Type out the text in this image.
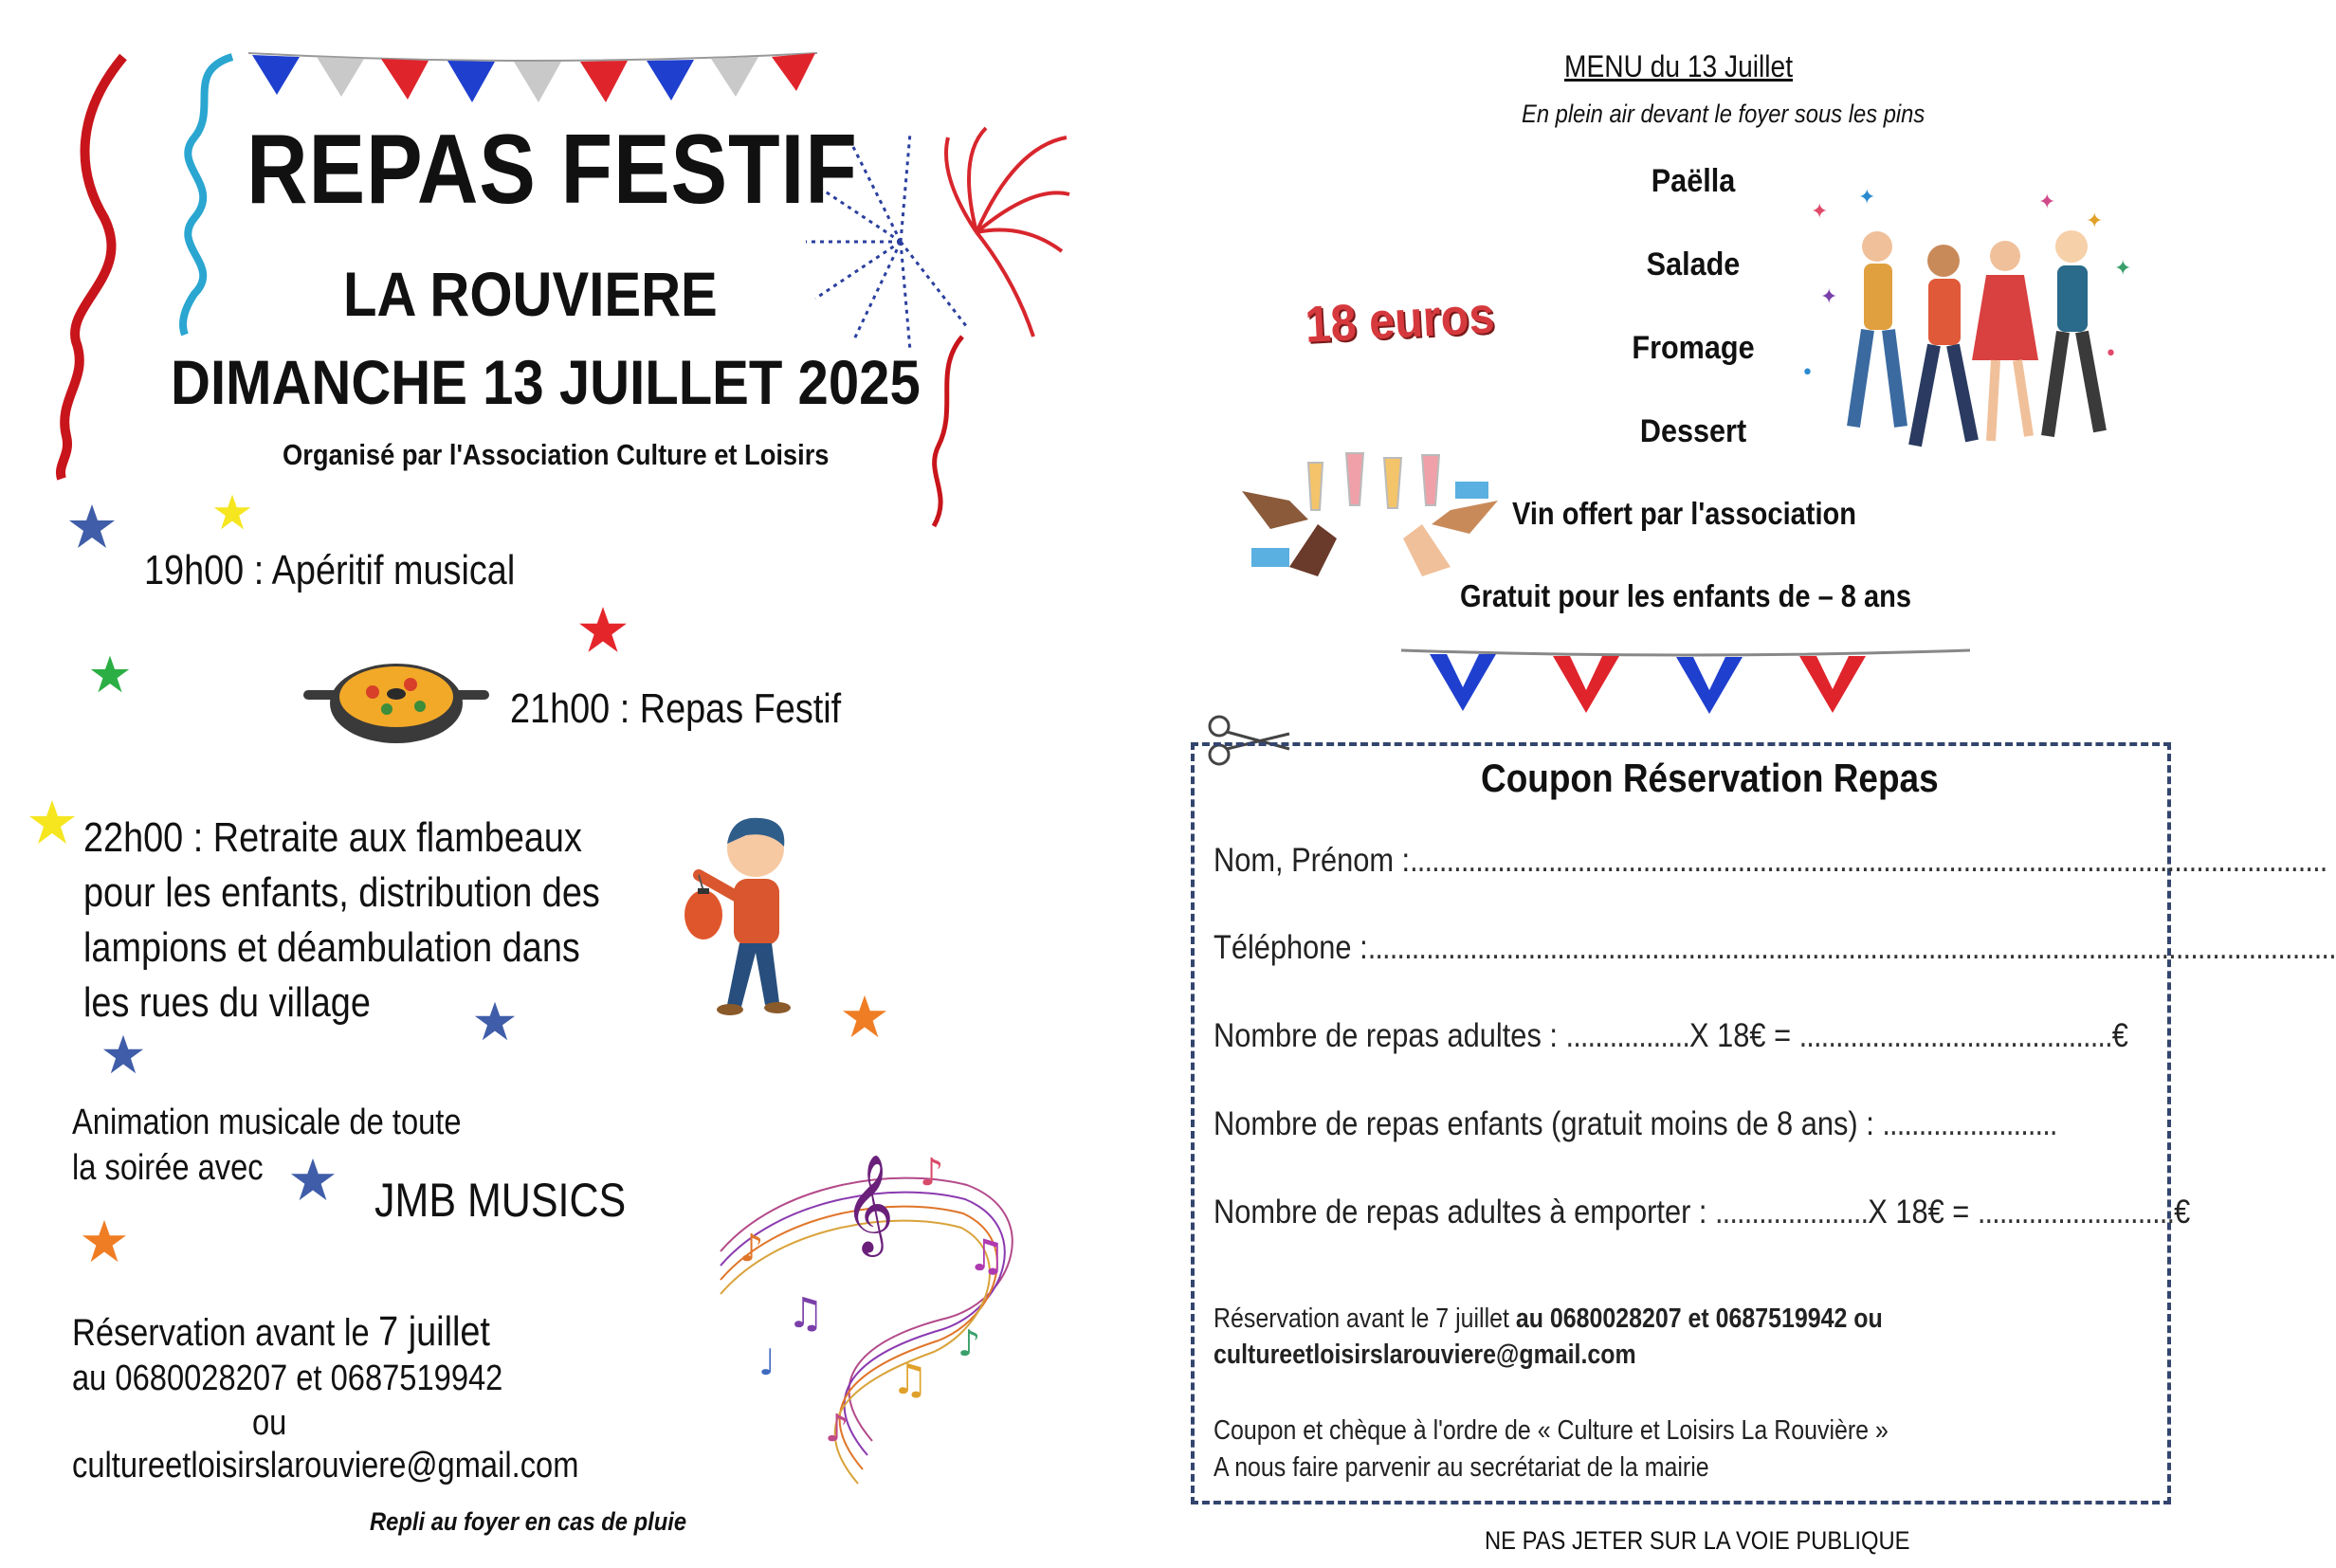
REPAS FESTIF
LA ROUVIERE
DIMANCHE 13 JUILLET 2025
Organisé par l'Association Culture et Loisirs
19h00 : Apéritif musical
21h00 : Repas Festif
22h00 : Retraite aux flambeaux
pour les enfants, distribution des
lampions et déambulation dans
les rues du village
Animation musicale de toute
la soirée avec
JMB MUSICS	𝄞
♪
♫
♪
♫
♫
♪
♩	♪
Réservation avant le 7 juillet
au 0680028207 et 0687519942
ou
cultureetloisirslarouviere@gmail.com
Repli au foyer en cas de pluie
MENU du 13 Juillet
En plein air devant le foyer sous les pins
Paëlla
Salade
Fromage
Dessert
18 euros
✦
✦
✦
✦
✦
✦
•
•
Vin offert par l'association
Gratuit pour les enfants de – 8 ans
Coupon Réservation Repas
Nom, Prénom :..............................................................................................................................
Téléphone :.....................................................................................................................................
Nombre de repas adultes : .................X 18€ = ...........................................€
Nombre de repas enfants (gratuit moins de 8 ans) : ........................
Nombre de repas adultes à emporter : .....................X 18€ = ...........................€
Réservation avant le 7 juillet au 0680028207 et 0687519942 ou
cultureetloisirslarouviere@gmail.com
Coupon et chèque à l'ordre de « Culture et Loisirs La Rouvière »
A nous faire parvenir au secrétariat de la mairie
NE PAS JETER SUR LA VOIE PUBLIQUE
